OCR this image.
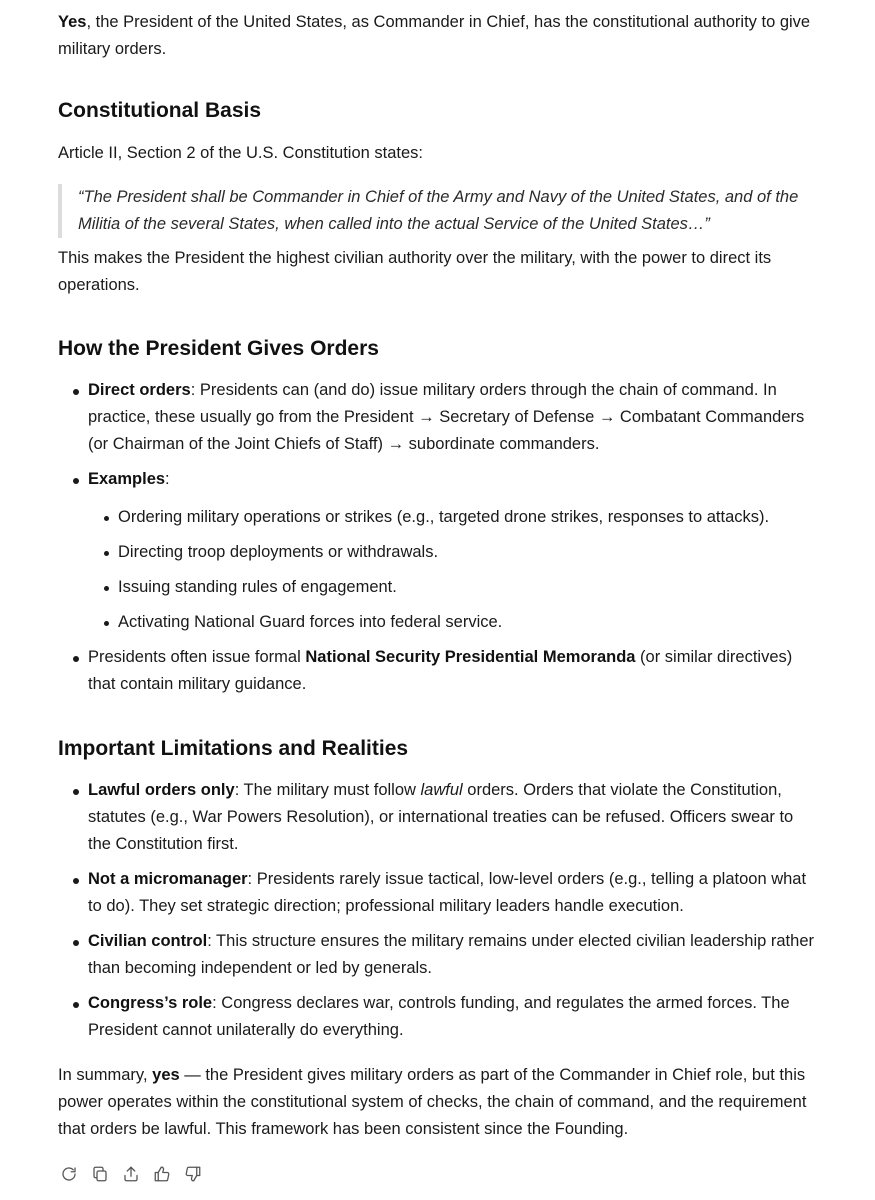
Yes, the President of the United States, as Commander in Chief, has the constitutional authority to give military orders.

Constitutional Basis

Article II, Section 2 of the U.S. Constitution states:

“The President shall be Commander in Chief of the Army and Navy of the United States, and of the Militia of the several States, when called into the actual Service of the United States…”

This makes the President the highest civilian authority over the military, with the power to direct its operations.

How the President Gives Orders
Direct orders: Presidents can (and do) issue military orders through the chain of command. In practice, these usually go from the President → Secretary of Defense → Combatant Commanders (or Chairman of the Joint Chiefs of Staff) → subordinate commanders.
Examples:
Ordering military operations or strikes (e.g., targeted drone strikes, responses to attacks).
Directing troop deployments or withdrawals.
Issuing standing rules of engagement.
Activating National Guard forces into federal service.
Presidents often issue formal National Security Presidential Memoranda (or similar directives) that contain military guidance.
Important Limitations and Realities
Lawful orders only: The military must follow lawful orders. Orders that violate the Constitution, statutes (e.g., War Powers Resolution), or international treaties can be refused. Officers swear to the Constitution first.
Not a micromanager: Presidents rarely issue tactical, low-level orders (e.g., telling a platoon what to do). They set strategic direction; professional military leaders handle execution.
Civilian control: This structure ensures the military remains under elected civilian leadership rather than becoming independent or led by generals.
Congress’s role: Congress declares war, controls funding, and regulates the armed forces. The President cannot unilaterally do everything.

In summary, yes — the President gives military orders as part of the Commander in Chief role, but this power operates within the constitutional system of checks, the chain of command, and the requirement that orders be lawful. This framework has been consistent since the Founding.
